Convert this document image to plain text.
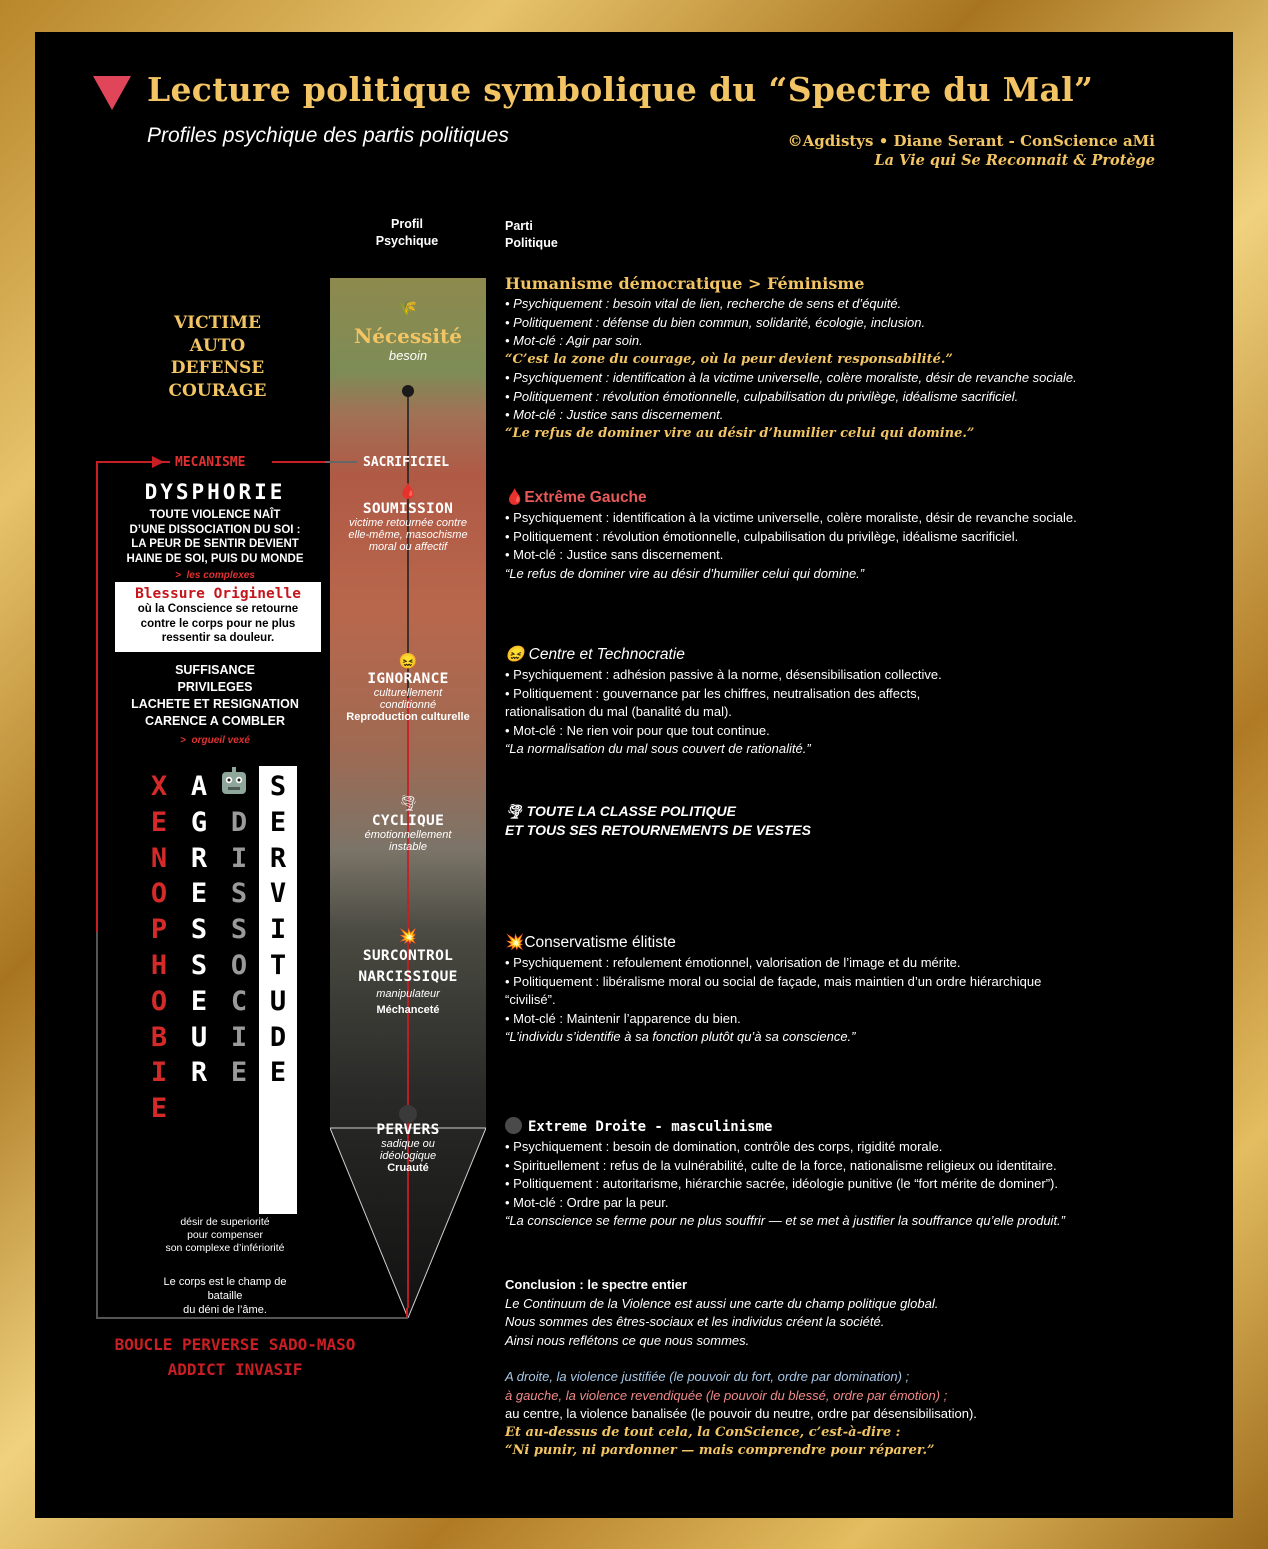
Lecture politique symbolique du “Spectre du Mal”
Profiles psychique des partis politiques	©Agdistys • Diane Serant - ConScience aMi
La Vie qui Se Reconnait & Protège
Profil
Psychique
Parti
Politique
🌾
Nécessité
besoin
🩸
SOUMISSION
victime retournée contre
elle-même, masochisme
moral ou affectif
😖
IGNORANCE
culturellement
conditionné
Reproduction culturelle
🌪
CYCLIQUE
émotionnellement
instable
💥
SURCONTROL
NARCISSIQUE
manipulateur
Méchanceté
PERVERS
sadique ou
idéologique
Cruauté
VICTIME
AUTO
DEFENSE
COURAGE
MECANISME	SACRIFICIEL
DYSPHORIE
TOUTE VIOLENCE NAÎT
D’UNE DISSOCIATION DU SOI :
LA PEUR DE SENTIR DEVIENT
HAINE DE SOI, PUIS DU MONDE
>  les complexes
Blessure Originelle
où la Conscience se retourne
contre le corps pour ne plus
ressentir sa douleur.
SUFFISANCE
PRIVILEGES
LACHETE ET RESIGNATION
CARENCE A COMBLER
>  orgueil vexé
X
E
N
O
P
H
O
B
I
E
A
G
R
E
S
S
E
U
R
D
I
S
S
O
C
I
E
S
E
R
V
I
T
U
D
E
désir de superiorité
pour compenser
son complexe d’infériorité
Le corps est le champ de bataille
du déni de l’âme.
BOUCLE PERVERSE SADO-MASO
ADDICT INVASIF
Humanisme démocratique > Féminisme
• Psychiquement : besoin vital de lien, recherche de sens et d’équité.
• Politiquement : défense du bien commun, solidarité, écologie, inclusion.
• Mot-clé : Agir par soin.
“C’est la zone du courage, où la peur devient responsabilité.”
• Psychiquement : identification à la victime universelle, colère moraliste, désir de revanche sociale.
• Politiquement : révolution émotionnelle, culpabilisation du privilège, idéalisme sacrificiel.
• Mot-clé : Justice sans discernement.
“Le refus de dominer vire au désir d’humilier celui qui domine.”
🩸Extrême Gauche
• Psychiquement : identification à la victime universelle, colère moraliste, désir de revanche sociale.
• Politiquement : révolution émotionnelle, culpabilisation du privilège, idéalisme sacrificiel.
• Mot-clé : Justice sans discernement.
“Le refus de dominer vire au désir d’humilier celui qui domine.”
😖 Centre et Technocratie
• Psychiquement : adhésion passive à la norme, désensibilisation collective.
• Politiquement : gouvernance par les chiffres, neutralisation des affects,
rationalisation du mal (banalité du mal).
• Mot-clé : Ne rien voir pour que tout continue.
“La normalisation du mal sous couvert de rationalité.”
🌪 TOUTE LA CLASSE POLITIQUE
ET TOUS SES RETOURNEMENTS DE VESTES
💥Conservatisme élitiste
• Psychiquement : refoulement émotionnel, valorisation de l’image et du mérite.
• Politiquement : libéralisme moral ou social de façade, mais maintien d’un ordre hiérarchique
“civilisé”.
• Mot-clé : Maintenir l’apparence du bien.
“L’individu s’identifie à sa fonction plutôt qu’à sa conscience.”
Extreme Droite - masculinisme
• Psychiquement : besoin de domination, contrôle des corps, rigidité morale.
• Spirituellement : refus de la vulnérabilité, culte de la force, nationalisme religieux ou identitaire.
• Politiquement : autoritarisme, hiérarchie sacrée, idéologie punitive (le “fort mérite de dominer”).
• Mot-clé : Ordre par la peur.
“La conscience se ferme pour ne plus souffrir — et se met à justifier la souffrance qu’elle produit.”
Conclusion : le spectre entier
Le Continuum de la Violence est aussi une carte du champ politique global.
Nous sommes des êtres-sociaux et les individus créent la société.
Ainsi nous reflétons ce que nous sommes.
A droite, la violence justifiée (le pouvoir du fort, ordre par domination) ;
à gauche, la violence revendiquée (le pouvoir du blessé, ordre par émotion) ;
au centre, la violence banalisée (le pouvoir du neutre, ordre par désensibilisation).
Et au-dessus de tout cela, la ConScience, c’est-à-dire :
“Ni punir, ni pardonner — mais comprendre pour réparer.”
